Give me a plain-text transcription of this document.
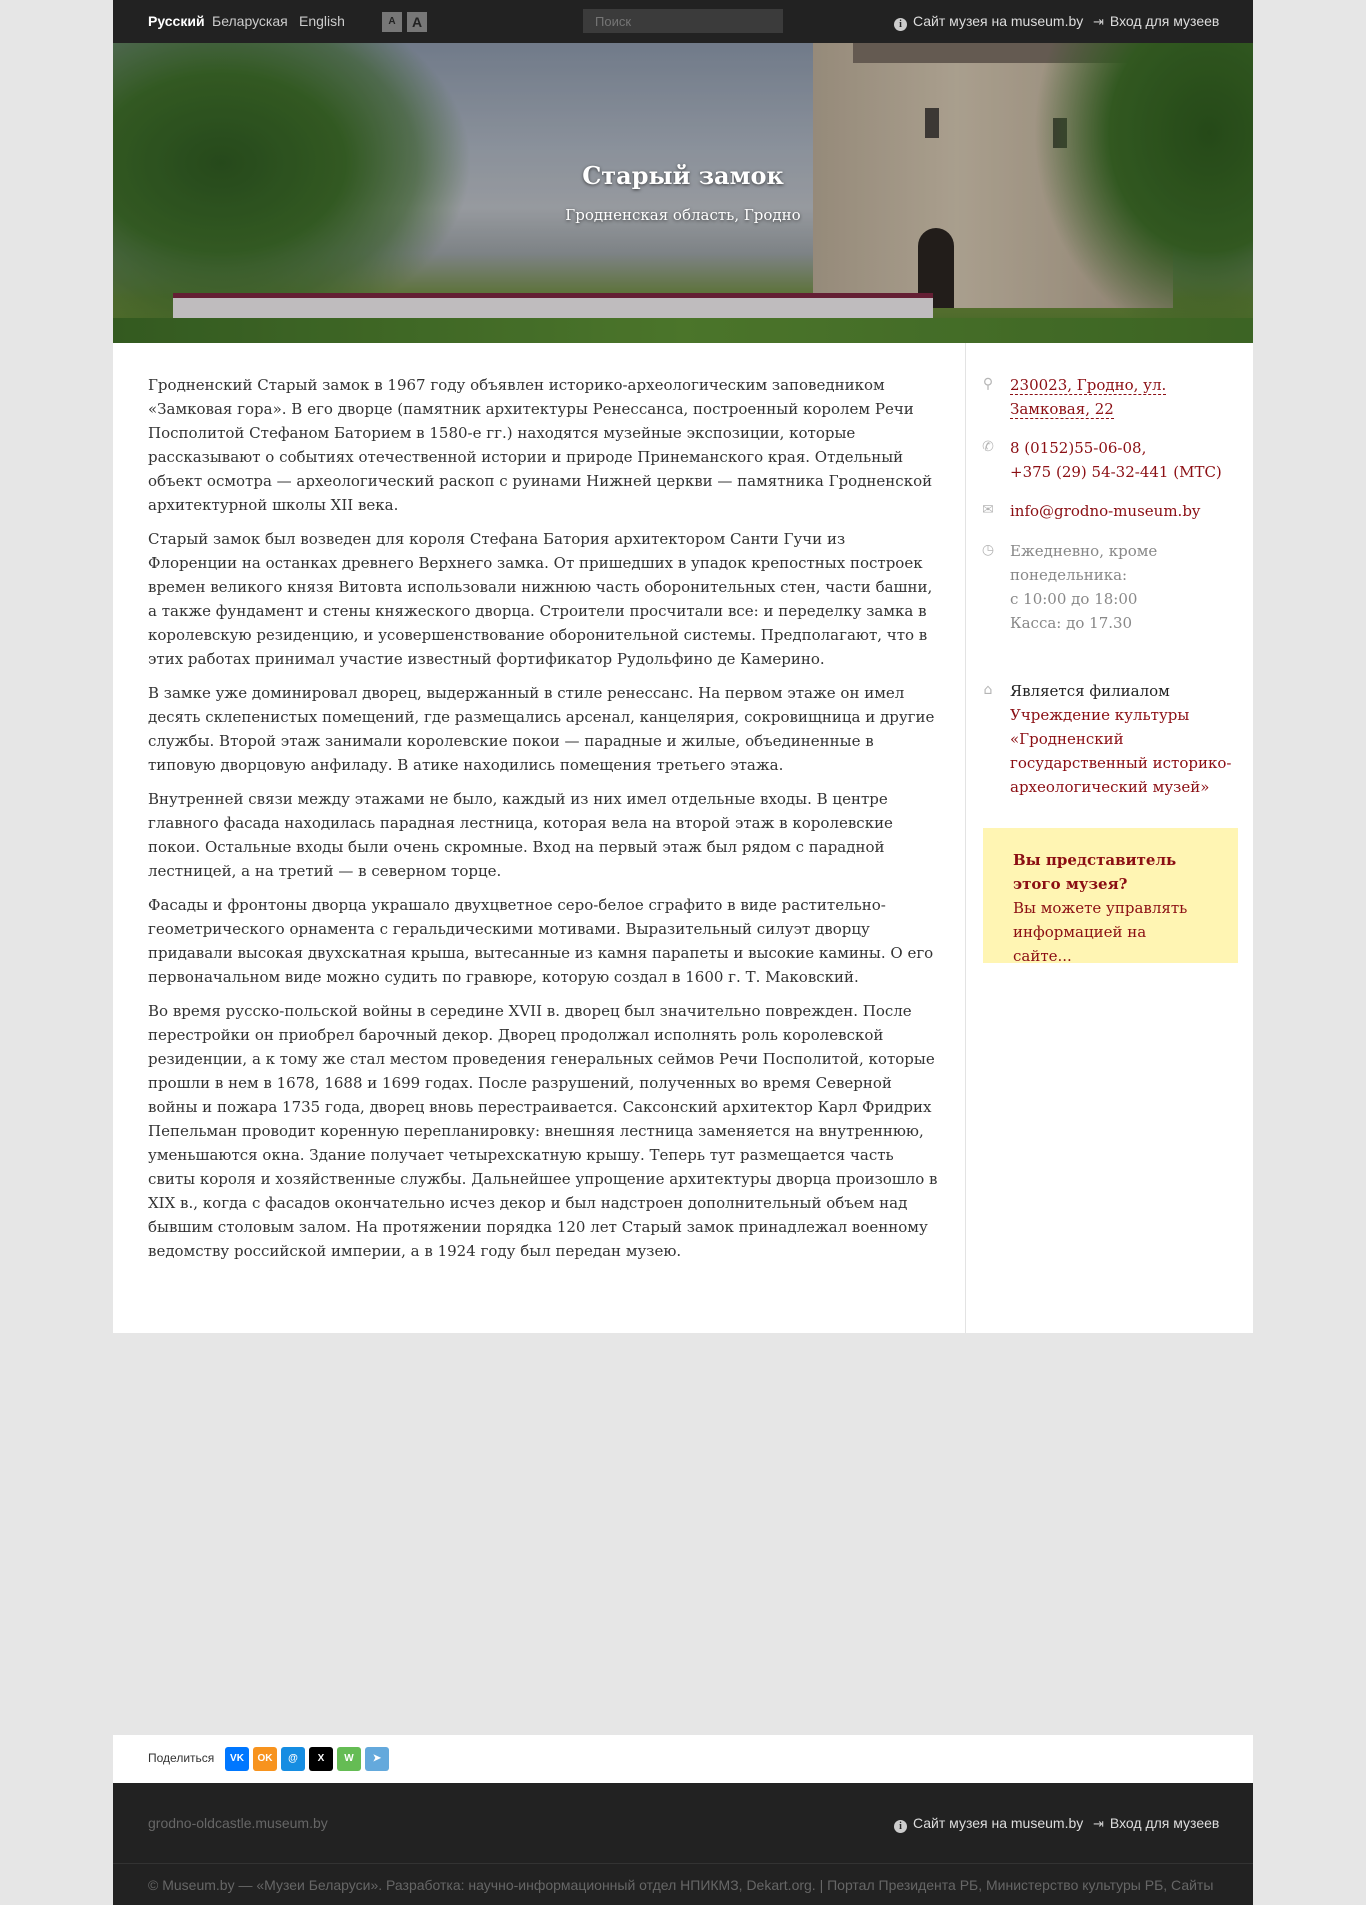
Русский Беларуская English	A	A
Поиск	i Сайт музея на museum.by ⇥ Вход для музеев
Старый замок
Гродненская область, Гродно

Гродненский Старый замок в 1967 году объявлен историко-археологическим заповедником «Замковая гора». В его дворце (памятник архитектуры Ренессанса, построенный королем Речи Посполитой Стефаном Баторием в 1580-е гг.) находятся музейные экспозиции, которые рассказывают о событиях отечественной истории и природе Принеманского края. Отдельный объект осмотра — археологический раскоп с руинами Нижней церкви — памятника Гродненской архитектурной школы XII века.

Старый замок был возведен для короля Стефана Батория архитектором Санти Гучи из Флоренции на останках древнего Верхнего замка. От пришедших в упадок крепостных построек времен великого князя Витовта использовали нижнюю часть оборонительных стен, части башни, а также фундамент и стены княжеского дворца. Строители просчитали все: и переделку замка в королевскую резиденцию, и усовершенствование оборонительной системы. Предполагают, что в этих работах принимал участие известный фортификатор Рудольфино де Камерино.

В замке уже доминировал дворец, выдержанный в стиле ренессанс. На первом этаже он имел десять склепенистых помещений, где размещались арсенал, канцелярия, сокровищница и другие службы. Второй этаж занимали королевские покои — парадные и жилые, объединенные в типовую дворцовую анфиладу. В атике находились помещения третьего этажа.

Внутренней связи между этажами не было, каждый из них имел отдельные входы. В центре главного фасада находилась парадная лестница, которая вела на второй этаж в королевские покои. Остальные входы были очень скромные. Вход на первый этаж был рядом с парадной лестницей, а на третий — в северном торце.

Фасады и фронтоны дворца украшало двухцветное серо-белое сграфито в виде растительно-геометрического орнамента с геральдическими мотивами. Выразительный силуэт дворцу придавали высокая двухскатная крыша, вытесанные из камня парапеты и высокие камины. О его первоначальном виде можно судить по гравюре, которую создал в 1600 г. Т. Маковский.

Во время русско-польской войны в середине XVII в. дворец был значительно поврежден. После перестройки он приобрел барочный декор. Дворец продолжал исполнять роль королевской резиденции, а к тому же стал местом проведения генеральных сеймов Речи Посполитой, которые прошли в нем в 1678, 1688 и 1699 годах. После разрушений, полученных во время Северной войны и пожара 1735 года, дворец вновь перестраивается. Саксонский архитектор Карл Фридрих Пепельман проводит коренную перепланировку: внешняя лестница заменяется на внутреннюю, уменьшаются окна. Здание получает четырехскатную крышу. Теперь тут размещается часть свиты короля и хозяйственные службы. Дальнейшее упрощение архитектуры дворца произошло в XIX в., когда с фасадов окончательно исчез декор и был надстроен дополнительный объем над бывшим столовым залом. На протяжении порядка 120 лет Старый замок принадлежал военному ведомству российской империи, а в 1924 году был передан музею.

⚲ 230023, Гродно, ул.
Замковая, 22
✆ 8 (0152)55-06-08,
+375 (29) 54-32-441 (МТС)
✉ info@grodno-museum.by
◷ Ежедневно, кроме
понедельника:
с 10:00 до 18:00
Касса: до 17.30
⌂ Является филиалом
Учреждение культуры
«Гродненский
государственный историко-
археологический музей»
Вы представитель
этого музея?
Вы можете управлять
информацией на сайте...
Поделиться	VK	OK	@	X	W	➤
grodno-oldcastle.museum.by	i Сайт музея на museum.by ⇥ Вход для музеев
© Museum.by — «Музеи Беларуси». Разработка: научно-информационный отдел НПИКМЗ, Dekart.org. | Портал Президента РБ, Министерство культуры РБ, Сайты
